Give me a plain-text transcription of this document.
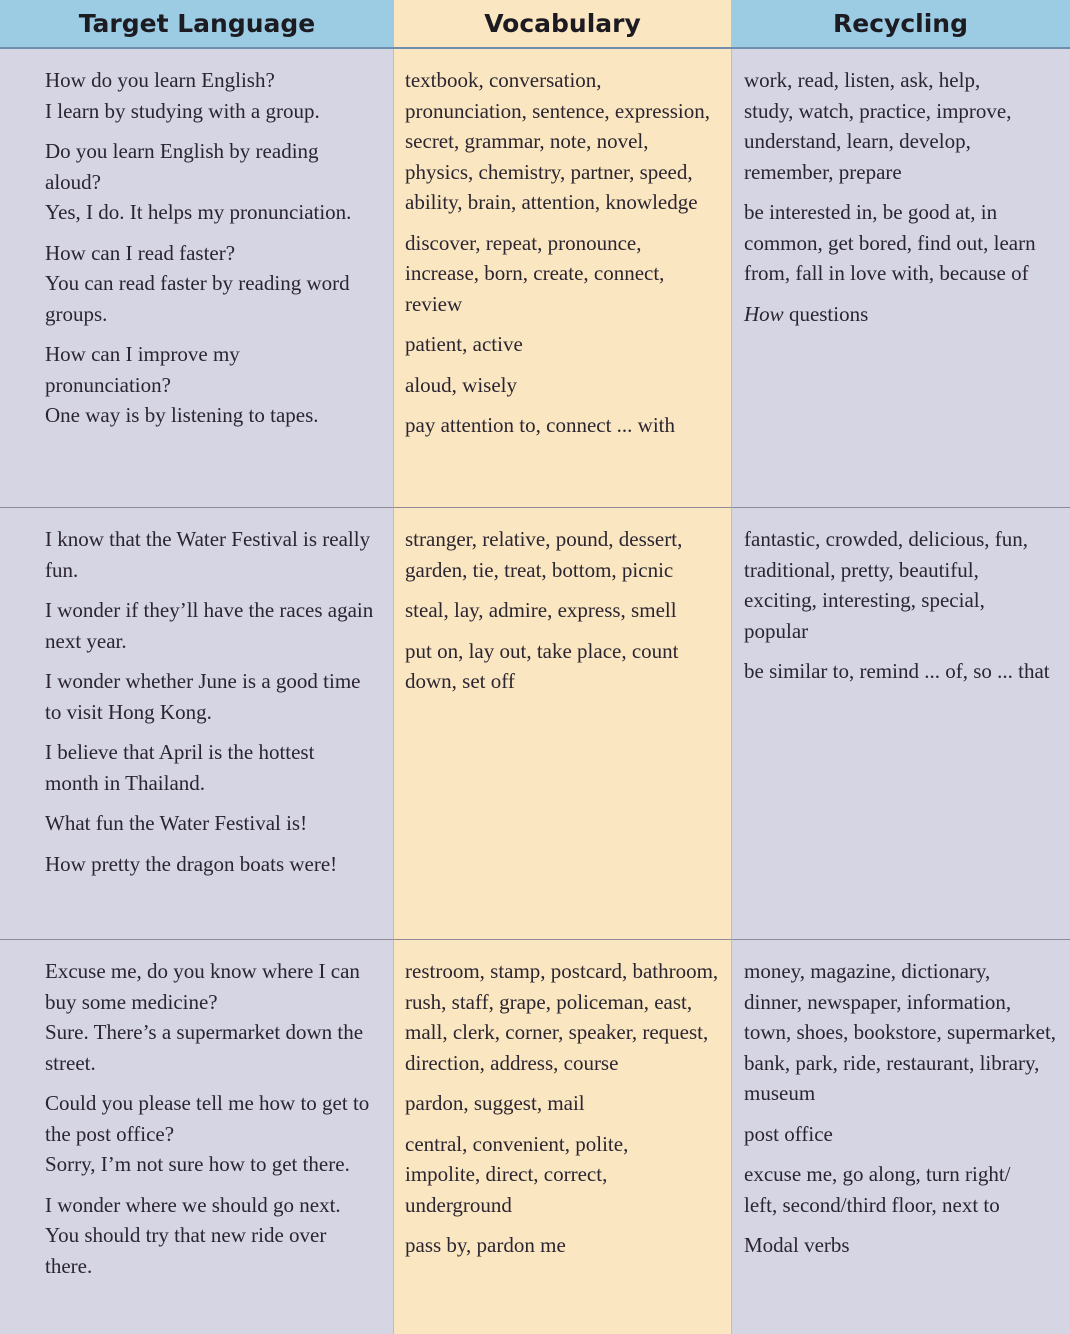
Target Language	Vocabulary	Recycling
How do you learn English?
I learn by studying with a group.
Do you learn English by reading
aloud?
Yes, I do. It helps my pronunciation.
How can I read faster?
You can read faster by reading word
groups.
How can I improve my
pronunciation?
One way is by listening to tapes.
textbook, conversation,
pronunciation, sentence, expression,
secret, grammar, note, novel,
physics, chemistry, partner, speed,
ability, brain, attention, knowledge
discover, repeat, pronounce,
increase, born, create, connect,
review
patient, active
aloud, wisely
pay attention to, connect ... with
work, read, listen, ask, help,
study, watch, practice, improve,
understand, learn, develop,
remember, prepare
be interested in, be good at, in
common, get bored, find out, learn
from, fall in love with, because of
How questions
I know that the Water Festival is really
fun.
I wonder if they’ll have the races again
next year.
I wonder whether June is a good time
to visit Hong Kong.
I believe that April is the hottest
month in Thailand.
What fun the Water Festival is!
How pretty the dragon boats were!
stranger, relative, pound, dessert,
garden, tie, treat, bottom, picnic
steal, lay, admire, express, smell
put on, lay out, take place, count
down, set off
fantastic, crowded, delicious, fun,
traditional, pretty, beautiful,
exciting, interesting, special,
popular
be similar to, remind ... of, so ... that
Excuse me, do you know where I can
buy some medicine?
Sure. There’s a supermarket down the
street.
Could you please tell me how to get to
the post office?
Sorry, I’m not sure how to get there.
I wonder where we should go next.
You should try that new ride over
there.
restroom, stamp, postcard, bathroom,
rush, staff, grape, policeman, east,
mall, clerk, corner, speaker, request,
direction, address, course
pardon, suggest, mail
central, convenient, polite,
impolite, direct, correct,
underground
pass by, pardon me
money, magazine, dictionary,
dinner, newspaper, information,
town, shoes, bookstore, supermarket,
bank, park, ride, restaurant, library,
museum
post office
excuse me, go along, turn right/
left, second/third floor, next to
Modal verbs
